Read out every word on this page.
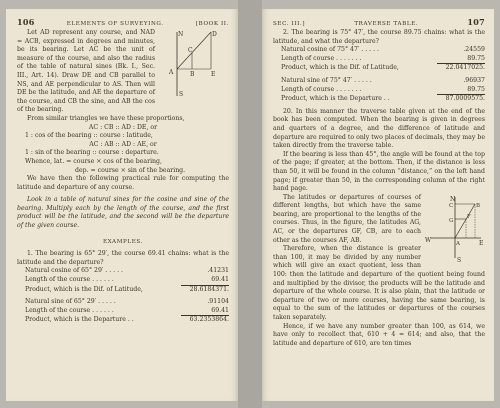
106	ELEMENTS OF SURVEYING.	[BOOK II.
N	D
A
C
B	E
S

Let AD represent any course, and NAD = ACB, expressed in degrees and minutes, be its bearing. Let AC be the unit of measure of the course, and also the radius of the table of natural sines (Bk. I., Sec. III., Art. 14). Draw DE and CB parallel to NS, and AE perpendicular to AS. Then will DE be the latitude, and AE the departure of the course, and CB the sine, and AB the cos of the bearing.

From similar triangles we have these proportions,

AC : CB :: AD : DE, or

1 : cos of the bearing :: course : latitude,

AC : AB :: AD : AE, or

1 : sin of the bearing :: course : departure.

Whence, lat. = course × cos of the bearing,

dep. = course × sin of the bearing.

We have then the following practical rule for computing the latitude and departure of any course.

Look in a table of natural sines for the cosine and sine of the bearing. Multiply each by the length of the course, and the first product will be the latitude, and the second will be the departure of the given course.

EXAMPLES.

1. The bearing is 65° 29′, the course 69.41 chains: what is the latitude and the departure?

Natural cosine of 65° 29′ . . . . .	.41231
Length of the course . . . . . .	69.41
Product, which is the Dif. of Latitude,	28.6184371.
Natural sine of 65° 29′ . . . . .	.91104
Length of the course . . . . . .	69.41
Product, which is the Departure . .	63.2353864.
SEC. III.]	TRAVERSE TABLE.	107

2. The bearing is 75° 47′, the course 89.75 chains: what is the latitude, and what the departure?

Natural cosine of 75° 47′ . . . . .	.24559
Length of course . . . . . . .	89.75
Product, which is the Dif. of Latitude,	22.0417025.
Natural sine of 75° 47′ . . . . .	.96937
Length of course . . . . . . .	89.75
Product, which is the Departure . .	87.0009575.

20. In this manner the traverse table given at the end of the book has been computed. When the bearing is given in degrees and quarters of a degree, and the difference of latitude and departure are required to only two places of decimals, they may be taken directly from the traverse table.

If the bearing is less than 45°, the angle will be found at the top of the page; if greater, at the bottom. Then, if the distance is less than 50, it will be found in the column “distance,” on the left hand page; if greater than 50, in the corresponding column of the right hand page.

N
C
G
F
B
W	A	E
S

The latitudes or departures of courses of different lengths, but which have the same bearing, are proportional to the lengths of the courses. Thus, in the figure, the latitudes AG, AC, or the departures GF, CB, are to each other as the courses AF, AB.

Therefore, when the distance is greater than 100, it may be divided by any number which will give an exact quotient, less than 100: then the latitude and departure of the quotient being found and multiplied by the divisor, the products will be the latitude and departure of the whole course. It is also plain, that the latitude or departure of two or more courses, having the same bearing, is equal to the sum of the latitudes or departures of the courses taken separately.

Hence, if we have any number greater than 100, as 614, we have only to recollect that, 610 + 4 = 614; and also, that the latitude and departure of 610, are ten times
